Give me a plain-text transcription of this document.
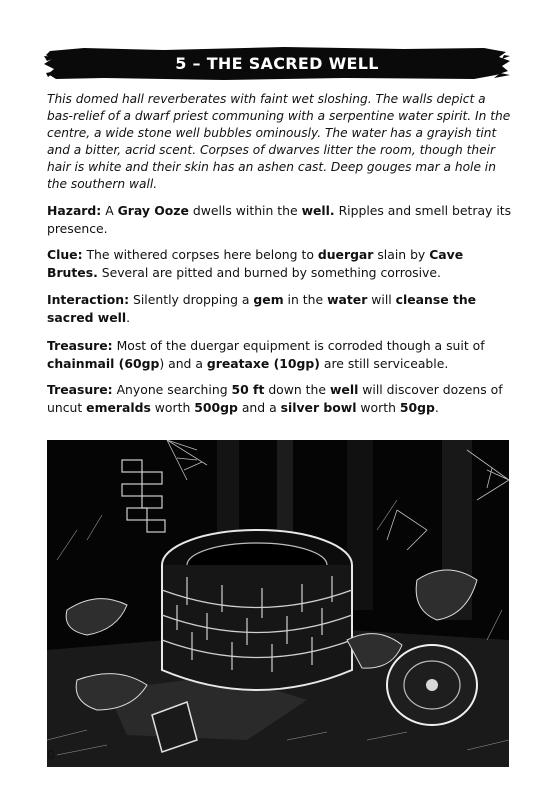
5 – THE SACRED WELL

This domed hall reverberates with faint wet sloshing. The walls depict a bas-relief of a dwarf priest communing with a serpentine water spirit. In the centre, a wide stone well bubbles ominously. The water has a grayish tint and a bitter, acrid scent. Corpses of dwarves litter the room, though their hair is white and their skin has an ashen cast. Deep gouges mar a hole in the southern wall.

Hazard: A Gray Ooze dwells within the well. Ripples and smell betray its presence.

Clue: The withered corpses here belong to duergar slain by Cave Brutes. Several are pitted and burned by something corrosive.

Interaction: Silently dropping a gem in the water will cleanse the sacred well.

Treasure: Most of the duergar equipment is corroded though a suit of chainmail (60gp) and a greataxe (10gp) are still serviceable.

Treasure: Anyone searching 50 ft down the well will discover dozens of uncut emeralds worth 500gp and a silver bowl worth 50gp.

0
